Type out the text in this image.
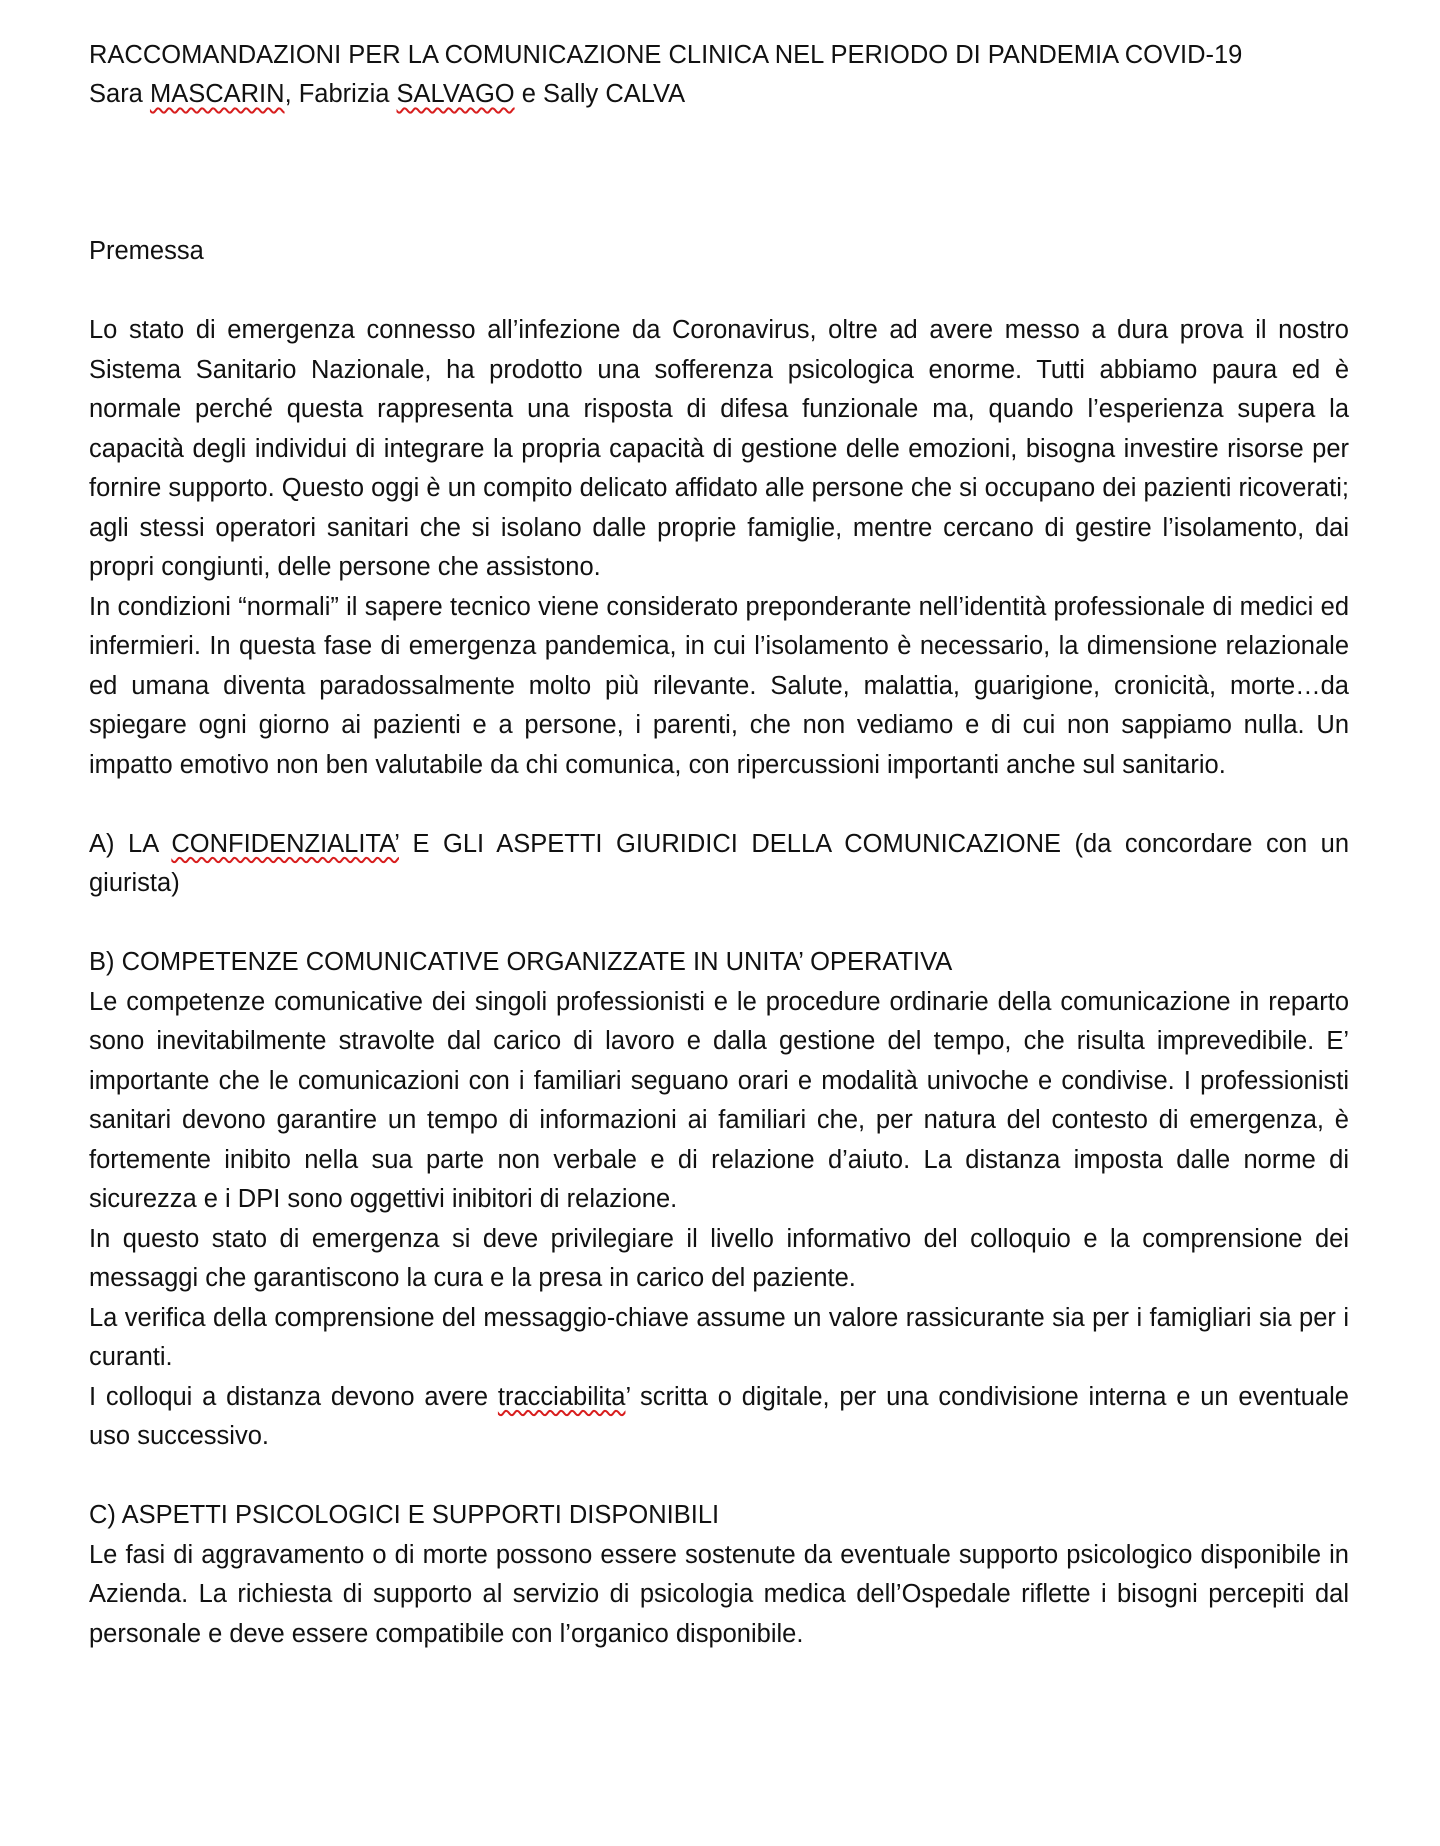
RACCOMANDAZIONI PER LA COMUNICAZIONE CLINICA NEL PERIODO DI PANDEMIA COVID-19

Sara MASCARIN, Fabrizia SALVAGO e Sally CALVA

Premessa

Lo stato di emergenza connesso all’infezione da Coronavirus, oltre ad avere messo a dura prova il nostro Sistema Sanitario Nazionale, ha prodotto una sofferenza psicologica enorme. Tutti abbiamo paura ed è normale perché questa rappresenta una risposta di difesa funzionale ma, quando l’esperienza supera la capacità degli individui di integrare la propria capacità di gestione delle emozioni, bisogna investire risorse per fornire supporto. Questo oggi è un compito delicato affidato alle persone che si occupano dei pazienti ricoverati; agli stessi operatori sanitari che si isolano dalle proprie famiglie, mentre cercano di gestire l’isolamento, dai propri congiunti, delle persone che assistono.

In condizioni “normali” il sapere tecnico viene considerato preponderante nell’identità professionale di medici ed infermieri. In questa fase di emergenza pandemica, in cui l’isolamento è necessario, la dimensione relazionale ed umana diventa paradossalmente molto più rilevante. Salute, malattia, guarigione, cronicità, morte…da spiegare ogni giorno ai pazienti e a persone, i parenti, che non vediamo e di cui non sappiamo nulla. Un impatto emotivo non ben valutabile da chi comunica, con ripercussioni importanti anche sul sanitario.

A) LA CONFIDENZIALITA’ E GLI ASPETTI GIURIDICI DELLA COMUNICAZIONE (da concordare con un giurista)

B) COMPETENZE COMUNICATIVE ORGANIZZATE IN UNITA’ OPERATIVA

Le competenze comunicative dei singoli professionisti e le procedure ordinarie della comunicazione in reparto sono inevitabilmente stravolte dal carico di lavoro e dalla gestione del tempo, che risulta imprevedibile. E’ importante che le comunicazioni con i familiari seguano orari e modalità univoche e condivise. I professionisti sanitari devono garantire un tempo di informazioni ai familiari che, per natura del contesto di emergenza, è fortemente inibito nella sua parte non verbale e di relazione d’aiuto. La distanza imposta dalle norme di sicurezza e i DPI sono oggettivi inibitori di relazione.

In questo stato di emergenza si deve privilegiare il livello informativo del colloquio e la comprensione dei messaggi che garantiscono la cura e la presa in carico del paziente.

La verifica della comprensione del messaggio-chiave assume un valore rassicurante sia per i famigliari sia per i curanti.

I colloqui a distanza devono avere tracciabilita’ scritta o digitale, per una condivisione interna e un eventuale uso successivo.

C) ASPETTI PSICOLOGICI E SUPPORTI DISPONIBILI

Le fasi di aggravamento o di morte possono essere sostenute da eventuale supporto psicologico disponibile in Azienda. La richiesta di supporto al servizio di psicologia medica dell’Ospedale riflette i bisogni percepiti dal personale e deve essere compatibile con l’organico disponibile.
